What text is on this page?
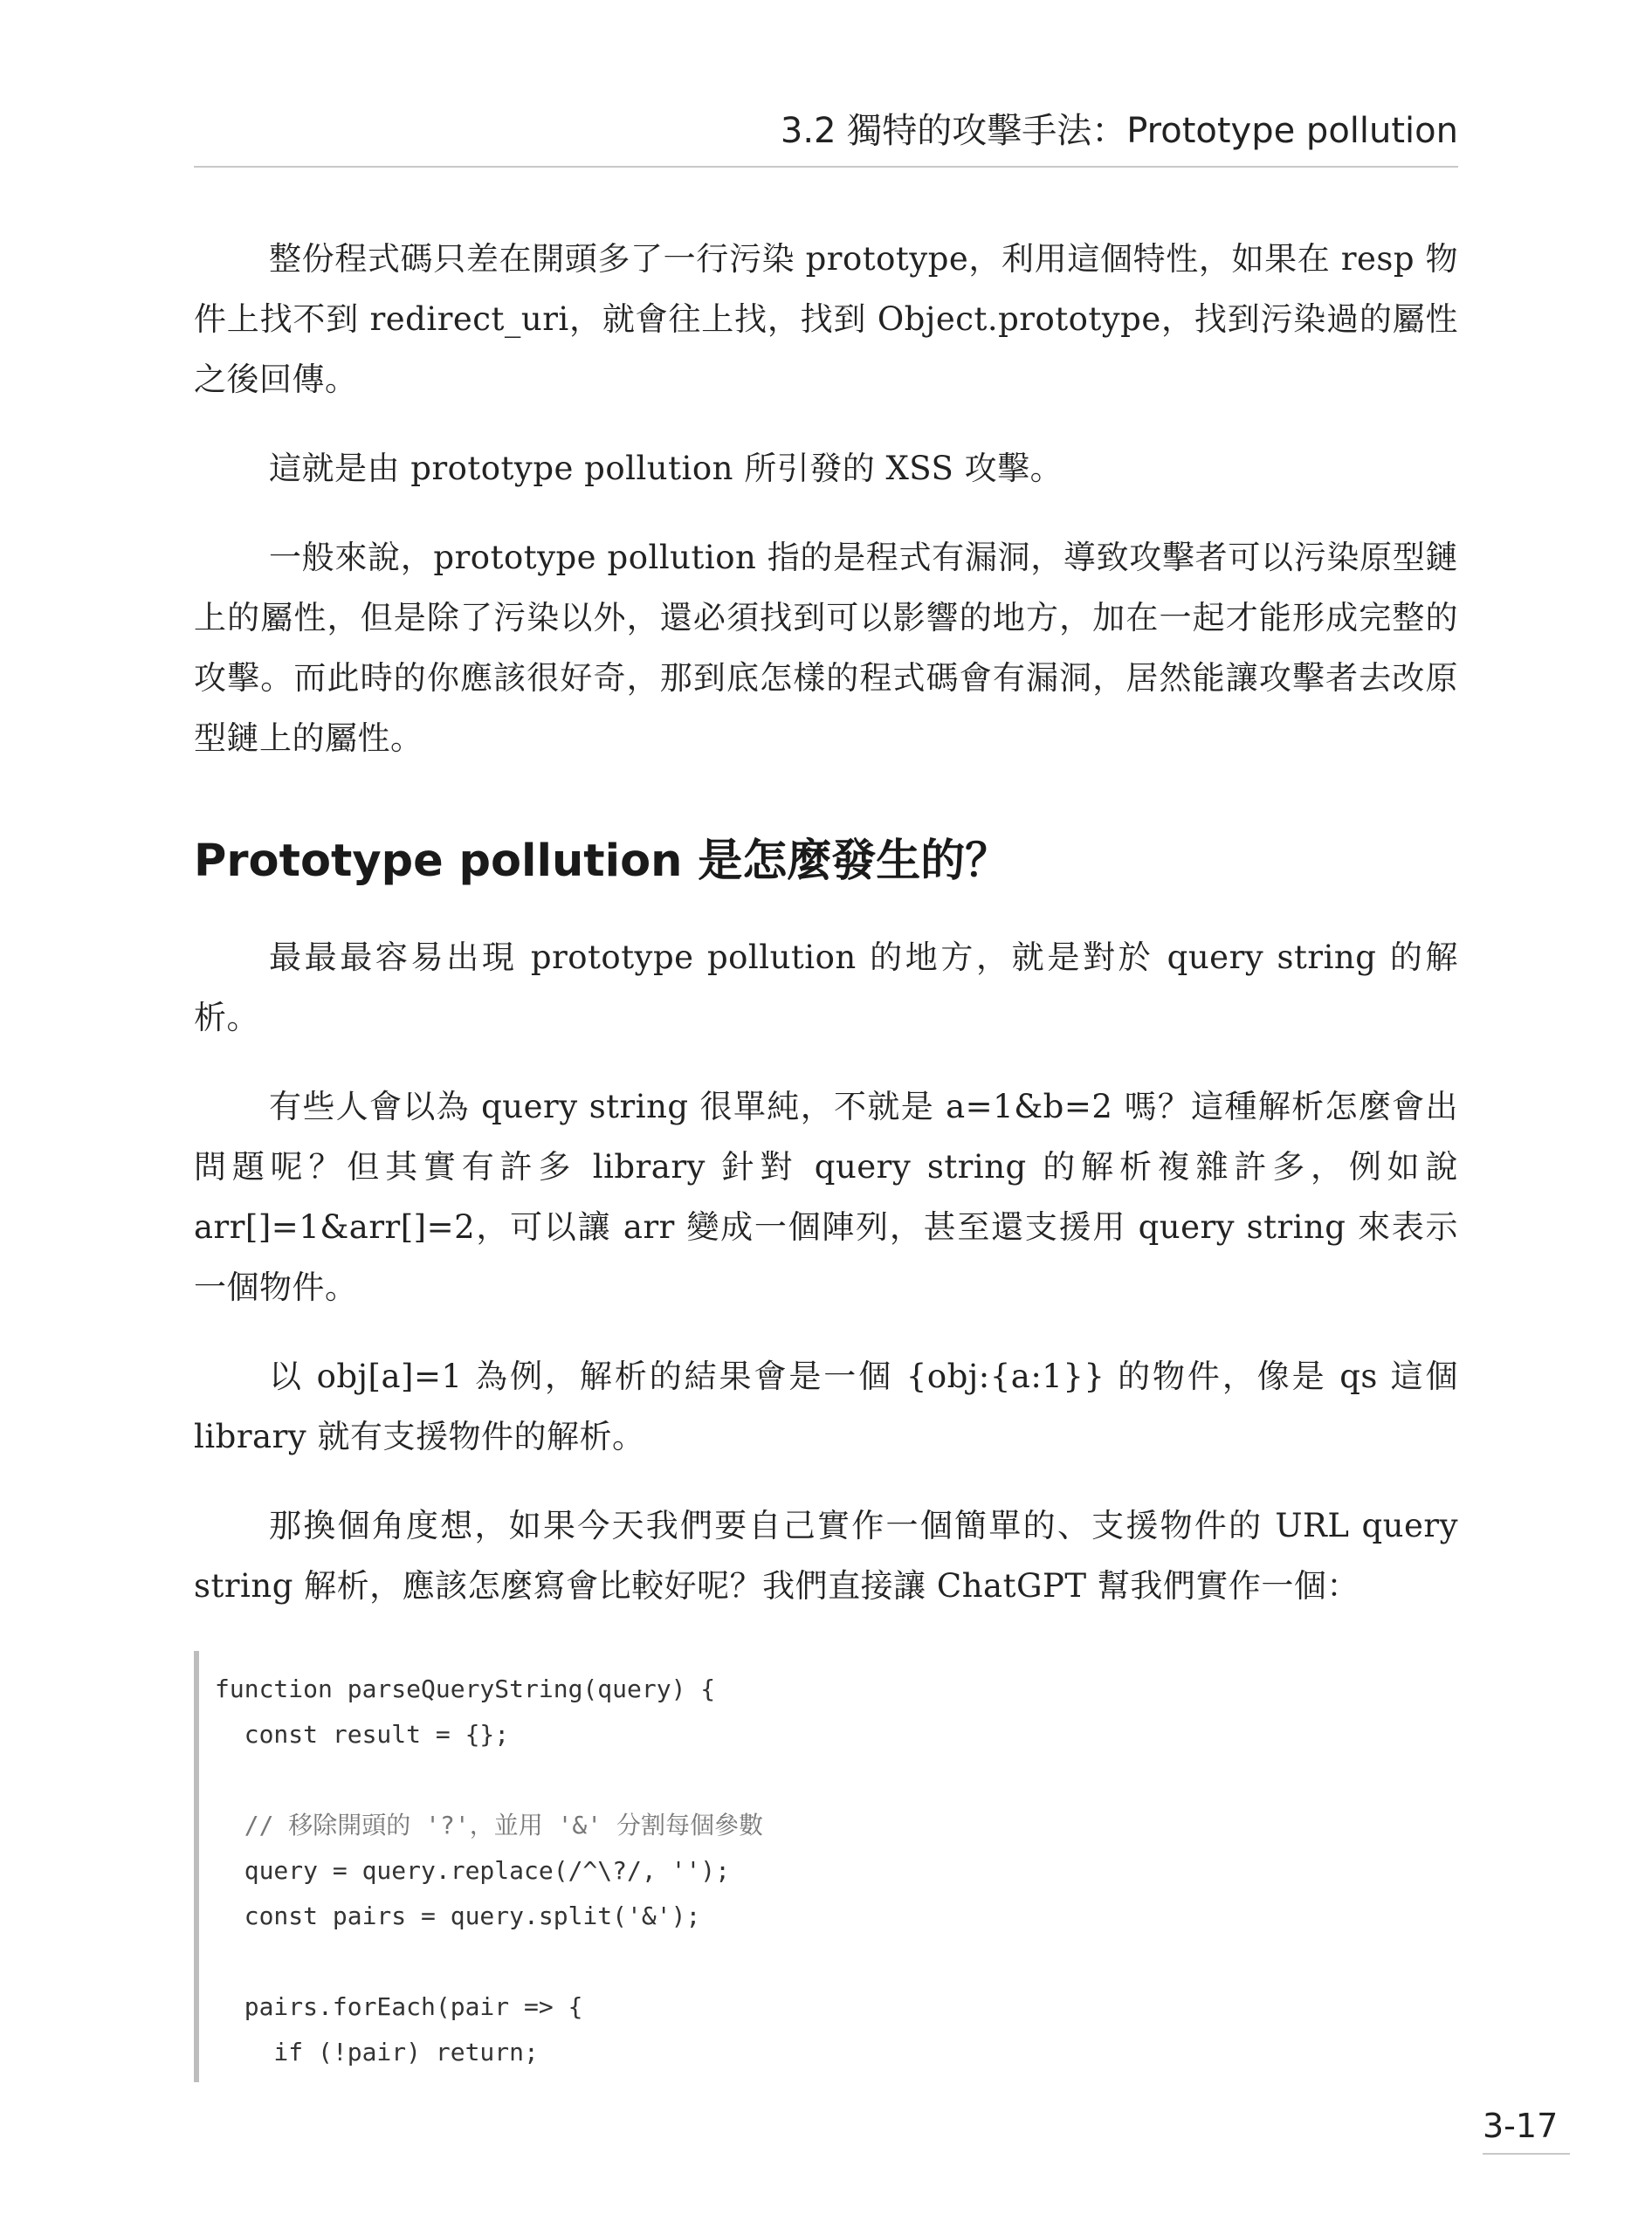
3.2 獨特的攻擊手法：Prototype pollution

整份程式碼只差在開頭多了一行污染 prototype，利用這個特性，如果在 resp 物件上找不到 redirect_uri，就會往上找，找到 Object.prototype，找到污染過的屬性之後回傳。

這就是由 prototype pollution 所引發的 XSS 攻擊。

一般來說，prototype pollution 指的是程式有漏洞，導致攻擊者可以污染原型鏈上的屬性，但是除了污染以外，還必須找到可以影響的地方，加在一起才能形成完整的攻擊。而此時的你應該很好奇，那到底怎樣的程式碼會有漏洞，居然能讓攻擊者去改原型鏈上的屬性。

Prototype pollution 是怎麼發生的？

最最最容易出現 prototype pollution 的地方，就是對於 query string 的解析。

有些人會以為 query string 很單純，不就是 a=1&b=2 嗎？這種解析怎麼會出問題呢？但其實有許多 library 針對 query string 的解析複雜許多，例如說 arr[]=1&arr[]=2，可以讓 arr 變成一個陣列，甚至還支援用 query string 來表示一個物件。

以 obj[a]=1 為例，解析的結果會是一個 {obj:{a:1}} 的物件，像是 qs 這個 library 就有支援物件的解析。

那換個角度想，如果今天我們要自己實作一個簡單的、支援物件的 URL query string 解析，應該怎麼寫會比較好呢？我們直接讓 ChatGPT 幫我們實作一個：

function parseQueryString(query) {
const result = {};
// 移除開頭的 '?'，並用 '&' 分割每個參數
query = query.replace(/^\?/, '');
const pairs = query.split('&');
pairs.forEach(pair => {
if (!pair) return;
3-17
